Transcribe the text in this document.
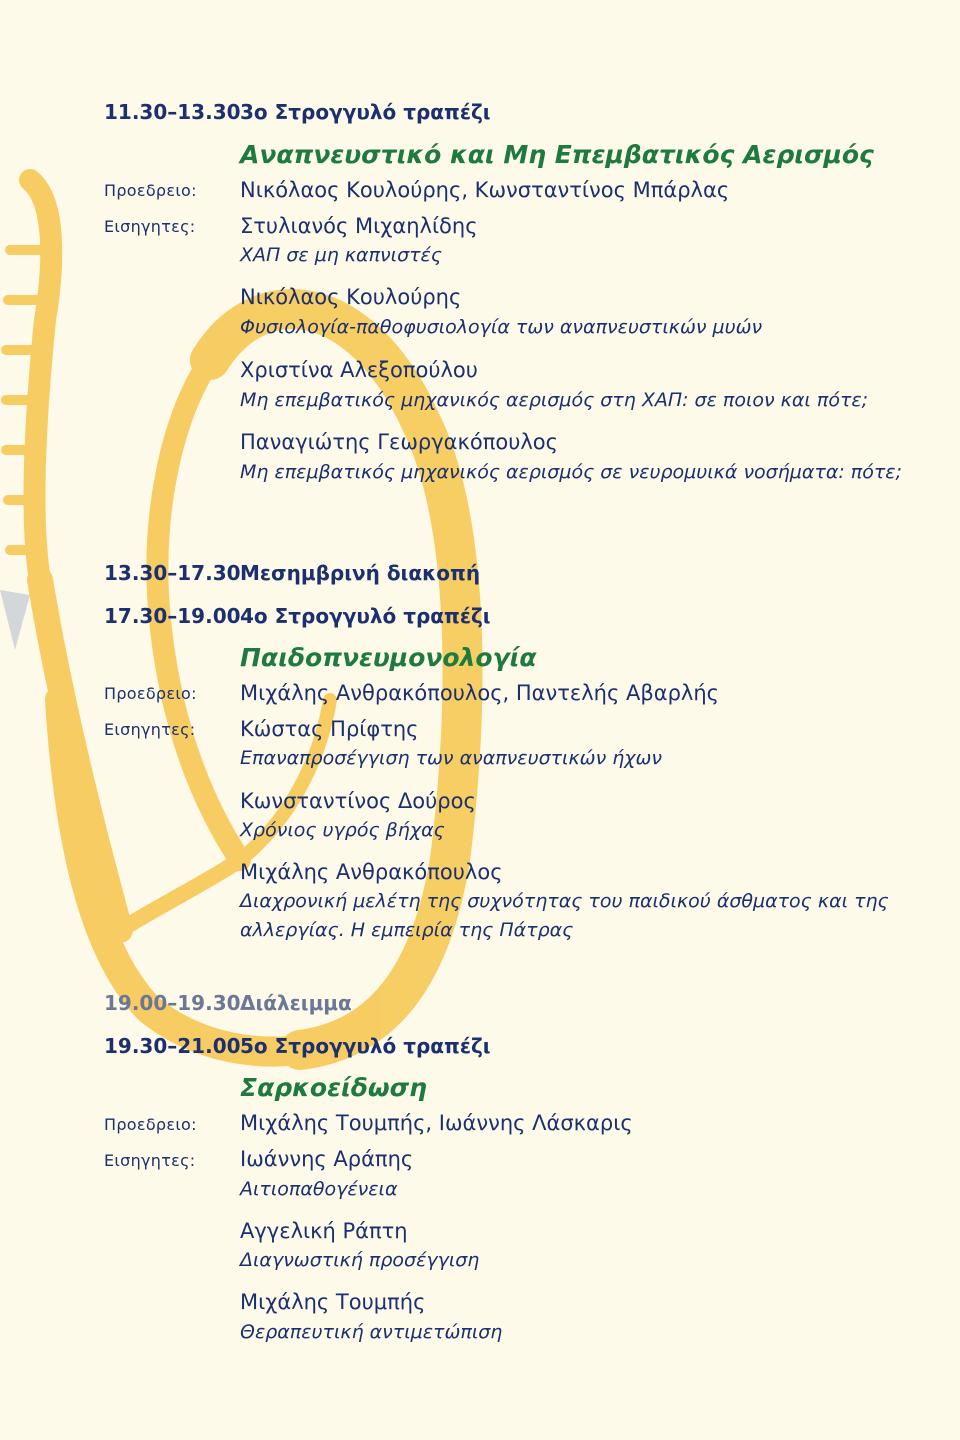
11.30–13.30 3ο Στρογγυλό τραπέζι
Αναπνευστικό και Μη Επεμβατικός Αερισμός
Προεδρειο: Νικόλαος Κουλούρης, Κωνσταντίνος Μπάρλας
Εισηγητες: Στυλιανός Μιχαηλίδης
ΧΑΠ σε μη καπνιστές
Νικόλαος Κουλούρης
Φυσιολογία-παθοφυσιολογία των αναπνευστικών μυών
Χριστίνα Αλεξοπούλου
Μη επεμβατικός μηχανικός αερισμός στη ΧΑΠ: σε ποιον και πότε;
Παναγιώτης Γεωργακόπουλος
Μη επεμβατικός μηχανικός αερισμός σε νευρομυικά νοσήματα: πότε;
13.30–17.30 Μεσημβρινή διακοπή
17.30–19.00 4ο Στρογγυλό τραπέζι
Παιδοπνευμονολογία
Προεδρειο: Μιχάλης Ανθρακόπουλος, Παντελής Αβαρλής
Εισηγητες: Κώστας Πρίφτης
Επαναπροσέγγιση των αναπνευστικών ήχων
Κωνσταντίνος Δούρος
Χρόνιος υγρός βήχας
Μιχάλης Ανθρακόπουλος
Διαχρονική μελέτη της συχνότητας του παιδικού άσθματος και της
αλλεργίας. Η εμπειρία της Πάτρας
19.00–19.30 Διάλειμμα
19.30–21.00 5ο Στρογγυλό τραπέζι
Σαρκοείδωση
Προεδρειο: Μιχάλης Τουμπής, Ιωάννης Λάσκαρις
Εισηγητες: Ιωάννης Αράπης
Αιτιοπαθογένεια
Αγγελική Ράπτη
Διαγνωστική προσέγγιση
Μιχάλης Τουμπής
Θεραπευτική αντιμετώπιση
